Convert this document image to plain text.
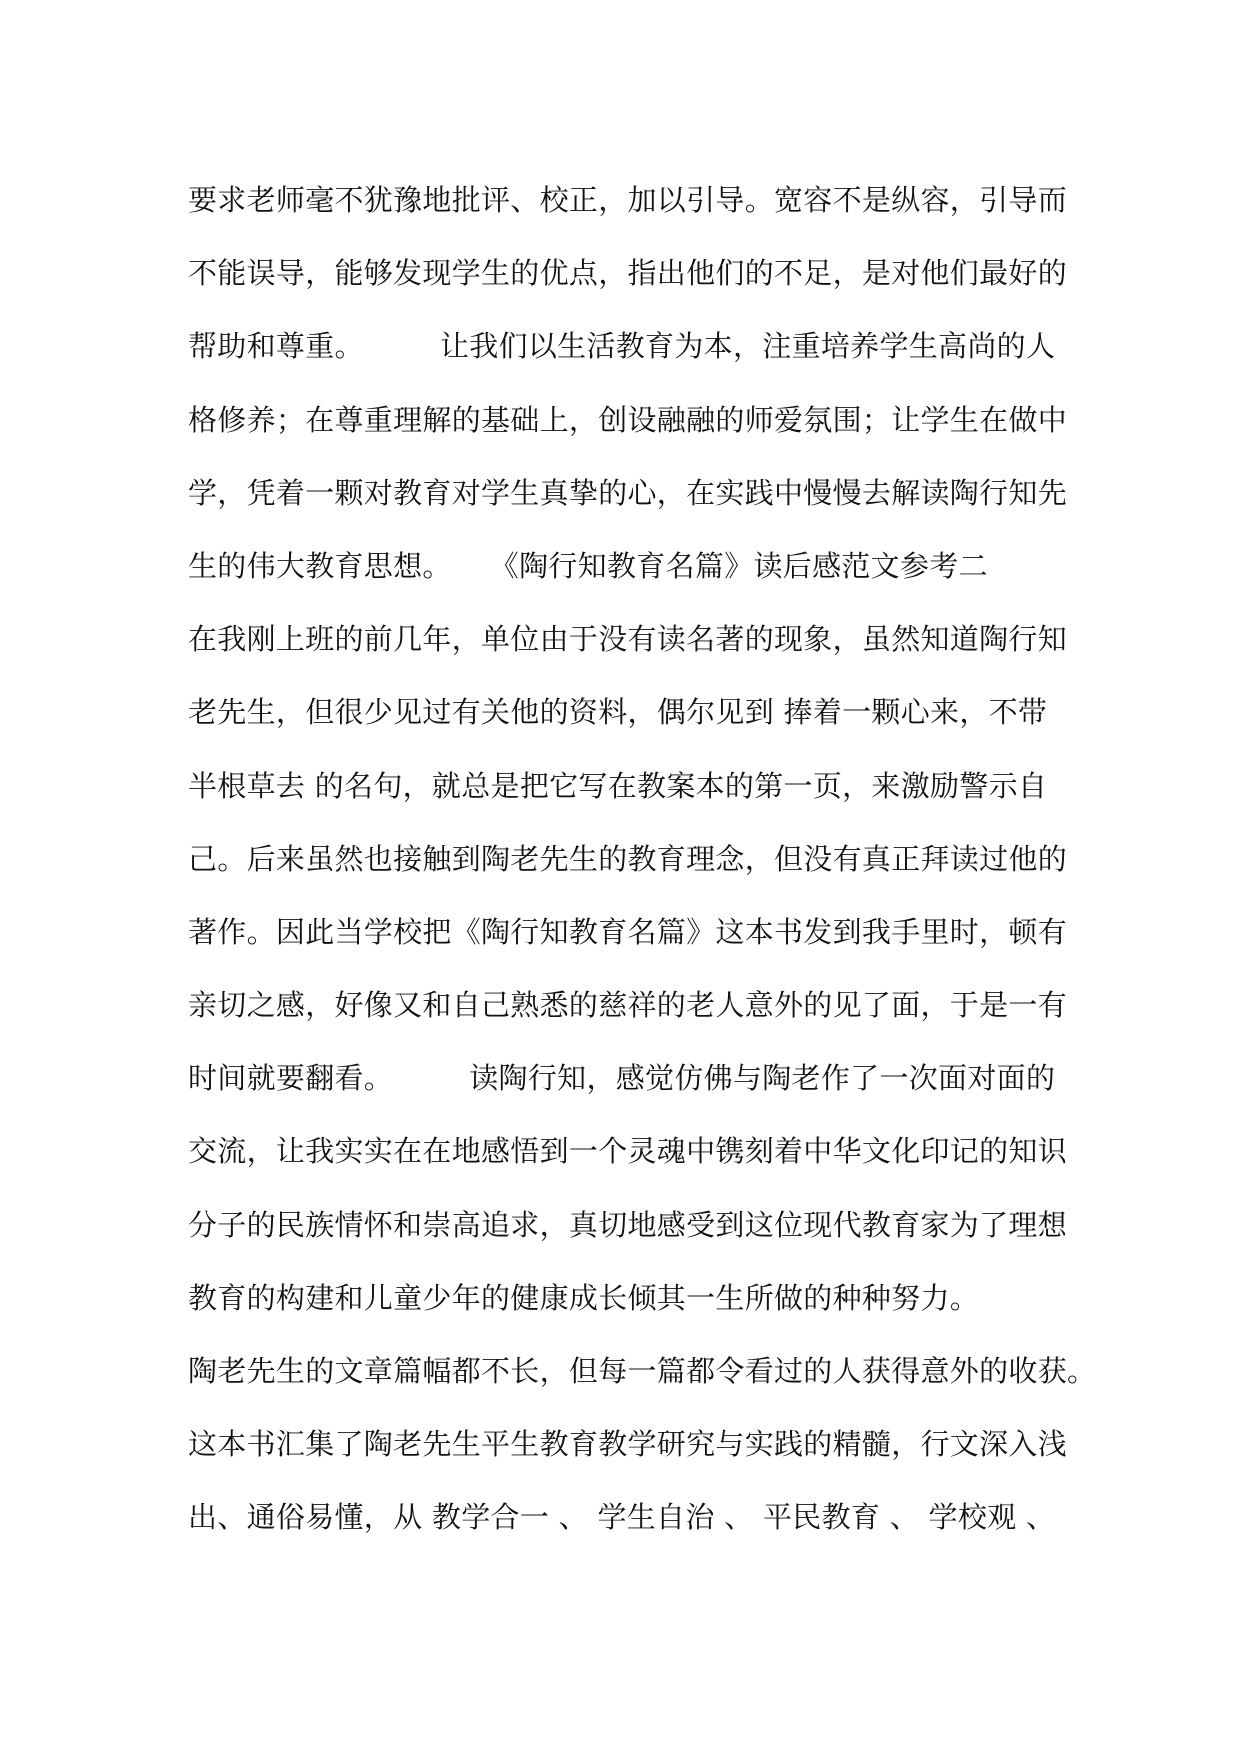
要求老师毫不犹豫地批评、校正，加以引导。宽容不是纵容，引导而
不能误导，能够发现学生的优点，指出他们的不足，是对他们最好的
帮助和尊重。        让我们以生活教育为本，注重培养学生高尚的人
格修养；在尊重理解的基础上，创设融融的师爱氛围；让学生在做中
学，凭着一颗对教育对学生真挚的心，在实践中慢慢去解读陶行知先
生的伟大教育思想。    《陶行知教育名篇》读后感范文参考二
在我刚上班的前几年，单位由于没有读名著的现象，虽然知道陶行知
老先生，但很少见过有关他的资料，偶尔见到 捧着一颗心来，不带
半根草去 的名句，就总是把它写在教案本的第一页，来激励警示自
己。后来虽然也接触到陶老先生的教育理念，但没有真正拜读过他的
著作。因此当学校把《陶行知教育名篇》这本书发到我手里时，顿有
亲切之感，好像又和自己熟悉的慈祥的老人意外的见了面，于是一有
时间就要翻看。        读陶行知，感觉仿佛与陶老作了一次面对面的
交流，让我实实在在地感悟到一个灵魂中镌刻着中华文化印记的知识
分子的民族情怀和崇高追求，真切地感受到这位现代教育家为了理想
教育的构建和儿童少年的健康成长倾其一生所做的种种努力。
陶老先生的文章篇幅都不长，但每一篇都令看过的人获得意外的收获。
这本书汇集了陶老先生平生教育教学研究与实践的精髓，行文深入浅
出、通俗易懂，从 教学合一 、 学生自治 、 平民教育 、 学校观 、
